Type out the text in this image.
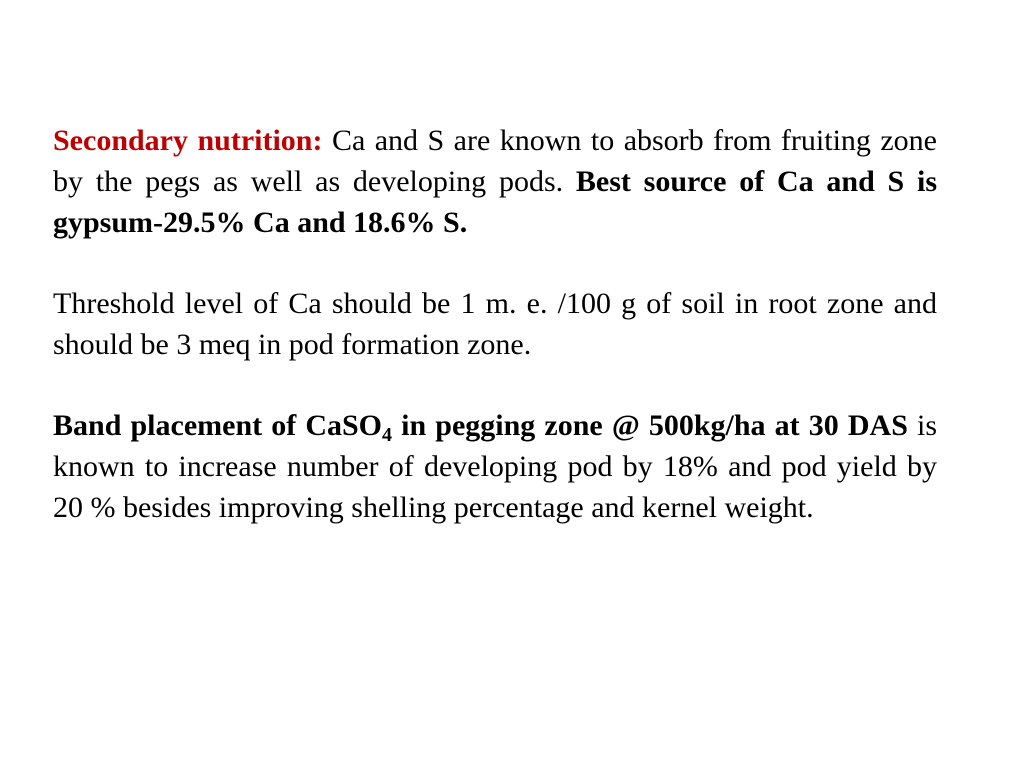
Secondary nutrition: Ca and S are known to absorb from fruiting zone by the pegs as well as developing pods. Best source of Ca and S is gypsum-29.5% Ca and 18.6% S.

Threshold level of Ca should be 1 m. e. /100 g of soil in root zone and should be 3 meq in pod formation zone.

Band placement of CaSO$_4$ in pegging zone @ 500kg/ha at 30 DAS is known to increase number of developing pod by 18% and pod yield by 20 % besides improving shelling percentage and kernel weight.
